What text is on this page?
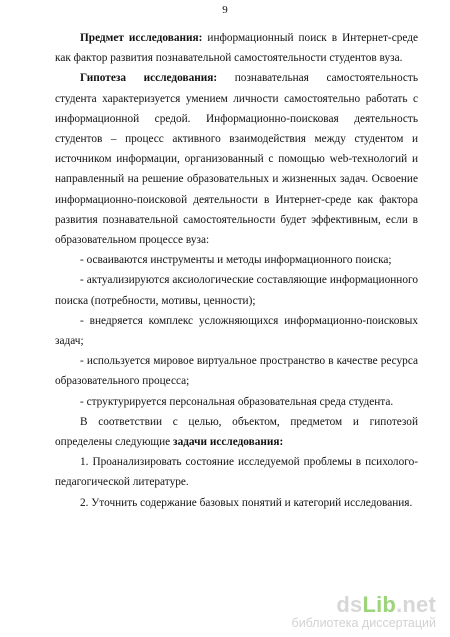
9

Предмет исследования: информационный поиск в Интернет-среде как фактор развития познавательной самостоятельности студентов вуза.

Гипотеза исследования: познавательная самостоятельность студента характеризуется умением личности самостоятельно работать с информационной средой. Информационно-поисковая деятельность студентов – процесс активного взаимодействия между студентом и источником информации, организованный с помощью web-технологий и направленный на решение образовательных и жизненных задач. Освоение информационно-поисковой деятельности в Интернет-среде как фактора развития познавательной самостоятельности будет эффективным, если в образовательном процессе вуза:

- осваиваются инструменты и методы информационного поиска;

- актуализируются аксиологические составляющие информационного поиска (потребности, мотивы, ценности);

- внедряется комплекс усложняющихся информационно-поисковых задач;

- используется мировое виртуальное пространство в качестве ресурса образовательного процесса;

- структурируется персональная образовательная среда студента.

В соответствии с целью, объектом, предметом и гипотезой определены следующие задачи исследования:

1. Проанализировать состояние исследуемой проблемы в психолого-педагогической литературе.

2. Уточнить содержание базовых понятий и категорий исследования.

dsLib.net
библиотека диссертаций
